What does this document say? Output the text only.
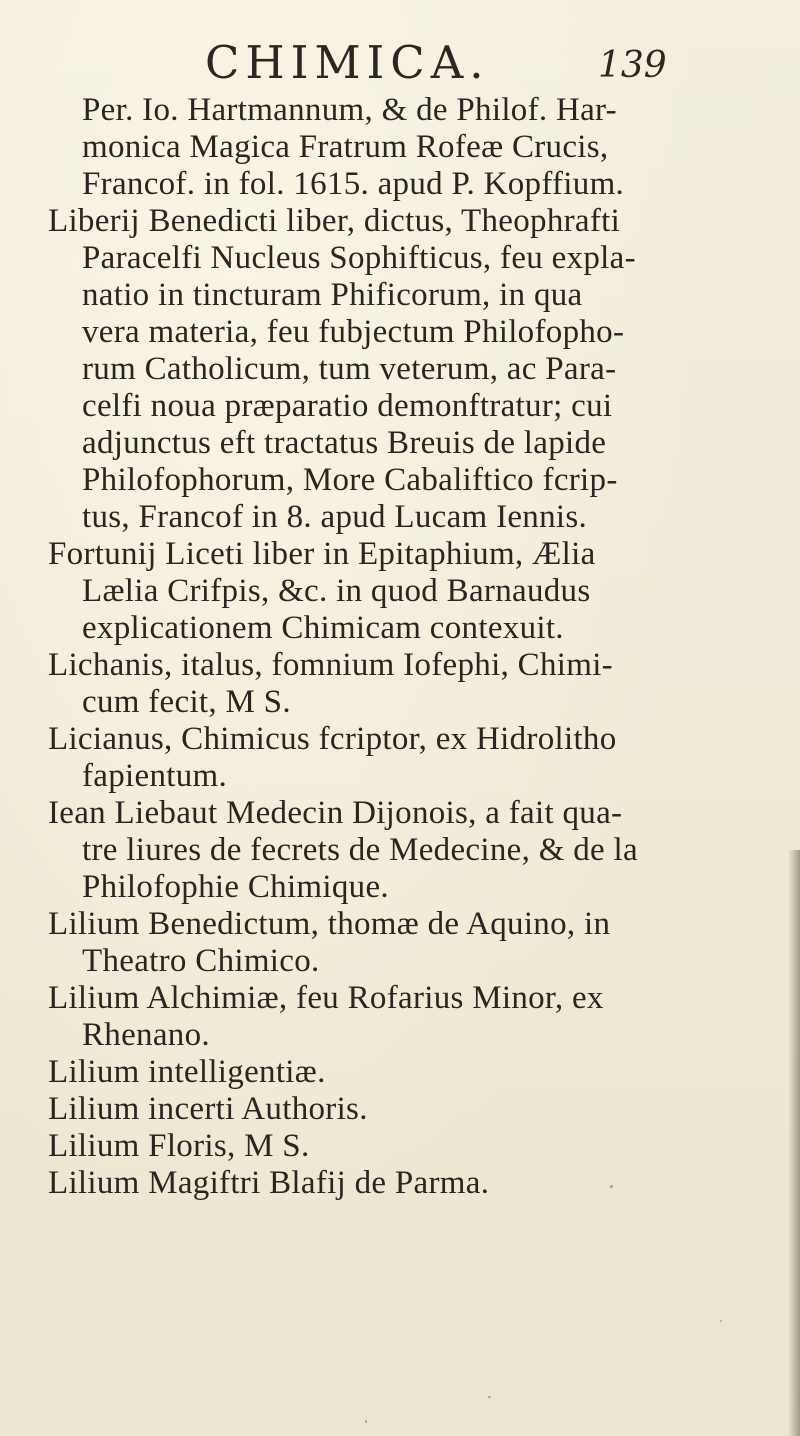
CHIMICA.	139
Per. Io. Hartmannum, & de Philof. Har-
monica Magica Fratrum Rofeæ Crucis,
Francof. in fol. 1615. apud P. Kopffium.
Liberij Benedicti liber, dictus, Theophrafti
Paracelfi Nucleus Sophifticus, feu expla-
natio in tincturam Phificorum, in qua
vera materia, feu fubjectum Philofopho-
rum Catholicum, tum veterum, ac Para-
celfi noua præparatio demonftratur; cui
adjunctus eft tractatus Breuis de lapide
Philofophorum, More Cabaliftico fcrip-
tus, Francof in 8. apud Lucam Iennis.
Fortunij Liceti liber in Epitaphium, Ælia
Lælia Crifpis, &c. in quod Barnaudus
explicationem Chimicam contexuit.
Lichanis, italus, fomnium Iofephi, Chimi-
cum fecit, M S.
Licianus, Chimicus fcriptor, ex Hidrolitho
fapientum.
Iean Liebaut Medecin Dijonois, a fait qua-
tre liures de fecrets de Medecine, & de la
Philofophie Chimique.
Lilium Benedictum, thomæ de Aquino, in
Theatro Chimico.
Lilium Alchimiæ, feu Rofarius Minor, ex
Rhenano.
Lilium intelligentiæ.
Lilium incerti Authoris.
Lilium Floris, M S.
Lilium Magiftri Blafij de Parma.
